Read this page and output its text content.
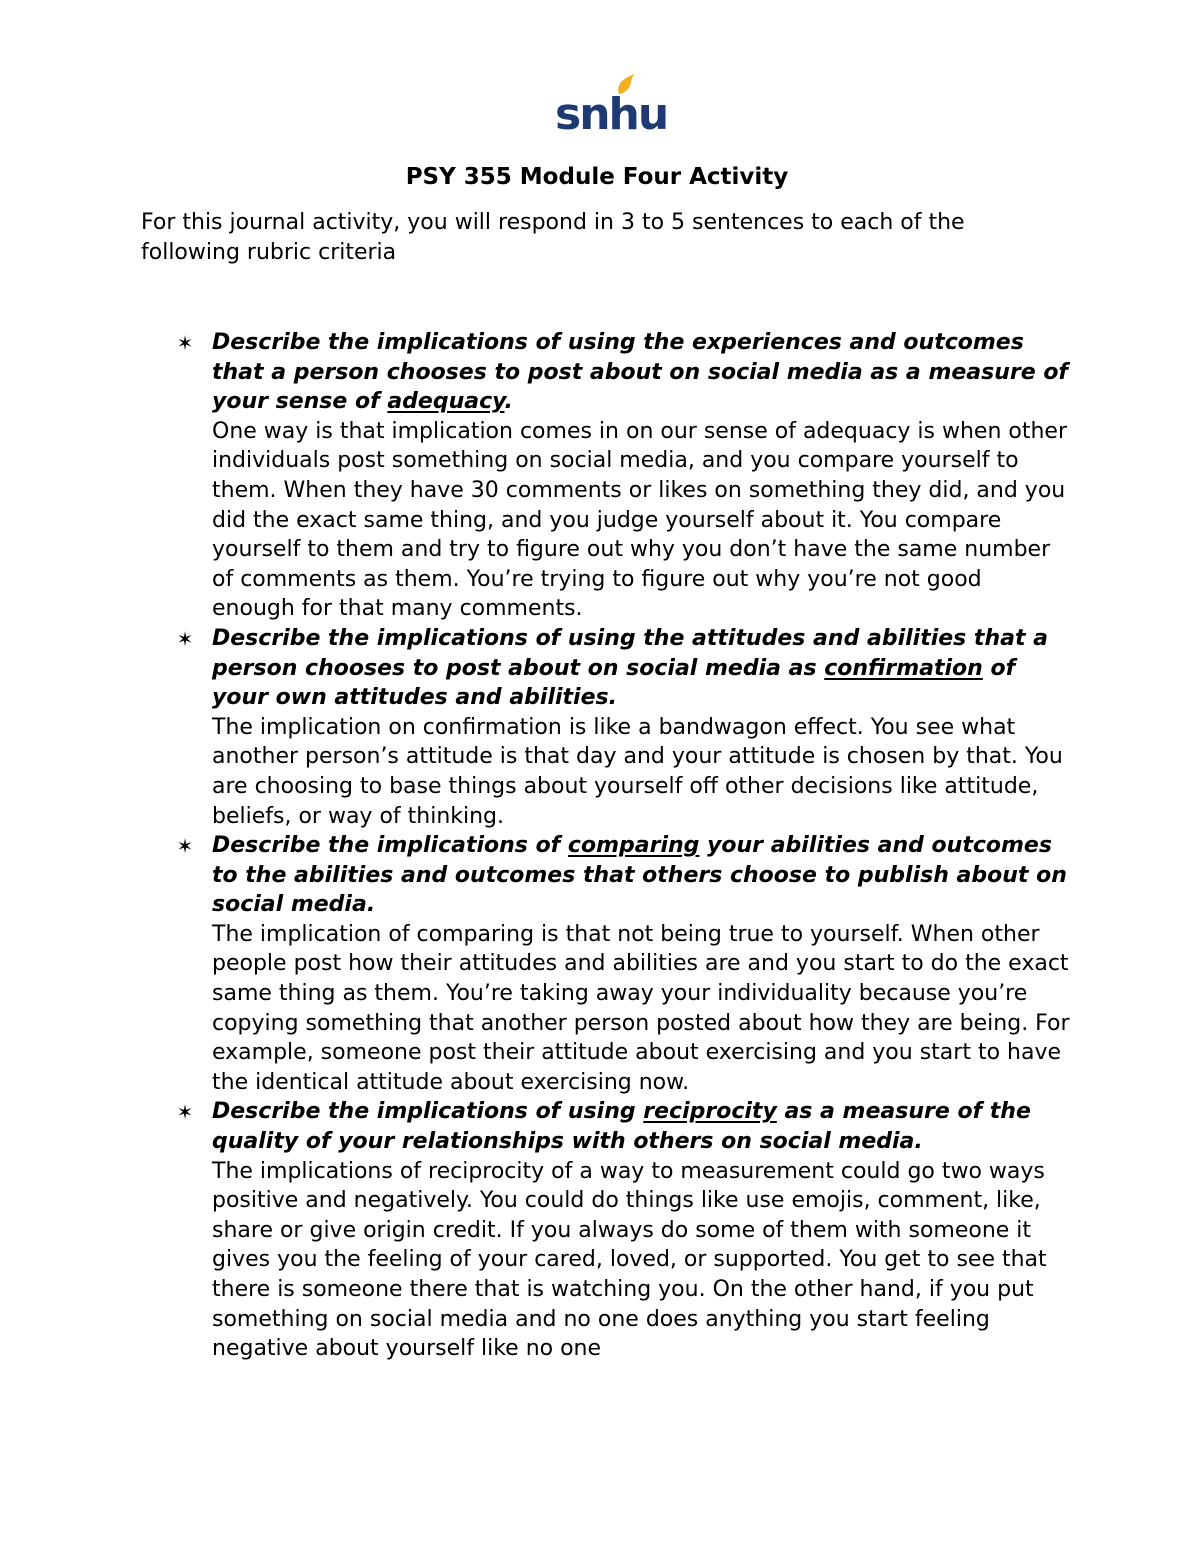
snhu
PSY 355 Module Four Activity

For this journal activity, you will respond in 3 to 5 sentences to each of the following rubric criteria

✶ Describe the implications of using the experiences and outcomes that a person chooses to post about on social media as a measure of your sense of adequacy.

One way is that implication comes in on our sense of adequacy is when other individuals post something on social media, and you compare yourself to them. When they have 30 comments or likes on something they did, and you did the exact same thing, and you judge yourself about it. You compare yourself to them and try to figure out why you don’t have the same number of comments as them. You’re trying to figure out why you’re not good enough for that many comments.

✶ Describe the implications of using the attitudes and abilities that a person chooses to post about on social media as confirmation of your own attitudes and abilities.

The implication on confirmation is like a bandwagon effect. You see what another person’s attitude is that day and your attitude is chosen by that. You are choosing to base things about yourself off other decisions like attitude, beliefs, or way of thinking.

✶ Describe the implications of comparing your abilities and outcomes to the abilities and outcomes that others choose to publish about on social media.

The implication of comparing is that not being true to yourself. When other people post how their attitudes and abilities are and you start to do the exact same thing as them. You’re taking away your individuality because you’re copying something that another person posted about how they are being. For example, someone post their attitude about exercising and you start to have the identical attitude about exercising now.

✶ Describe the implications of using reciprocity as a measure of the quality of your relationships with others on social media.

The implications of reciprocity of a way to measurement could go two ways positive and negatively. You could do things like use emojis, comment, like, share or give origin credit. If you always do some of them with someone it gives you the feeling of your cared, loved, or supported. You get to see that there is someone there that is watching you. On the other hand, if you put something on social media and no one does anything you start feeling negative about yourself like no one
